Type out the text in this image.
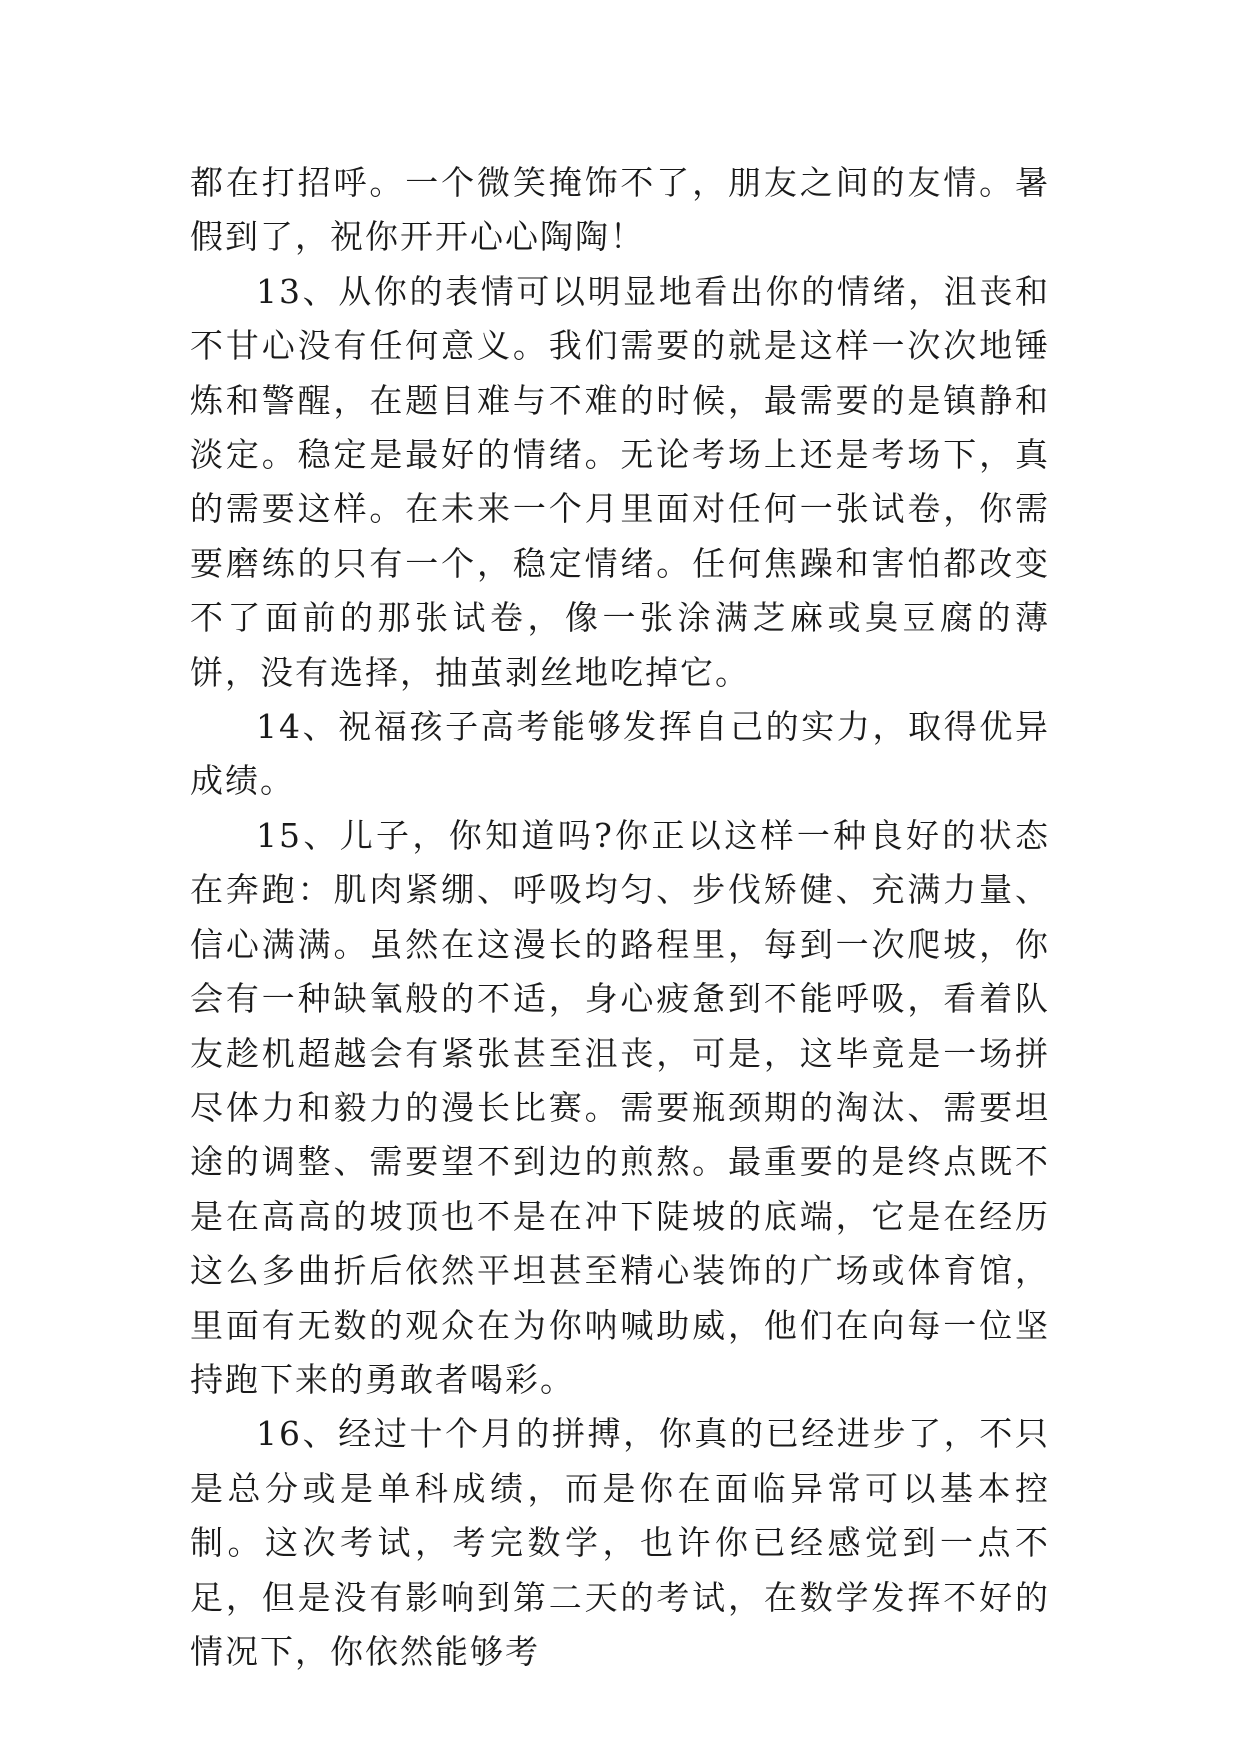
都在打招呼。一个微笑掩饰不了，朋友之间的友情。暑假到了，祝你开开心心陶陶！

13、从你的表情可以明显地看出你的情绪，沮丧和不甘心没有任何意义。我们需要的就是这样一次次地锤炼和警醒，在题目难与不难的时候，最需要的是镇静和淡定。稳定是最好的情绪。无论考场上还是考场下，真的需要这样。在未来一个月里面对任何一张试卷，你需要磨练的只有一个，稳定情绪。任何焦躁和害怕都改变不了面前的那张试卷，像一张涂满芝麻或臭豆腐的薄饼，没有选择，抽茧剥丝地吃掉它。

14、祝福孩子高考能够发挥自己的实力，取得优异成绩。

15、儿子，你知道吗?你正以这样一种良好的状态在奔跑：肌肉紧绷、呼吸均匀、步伐矫健、充满力量、信心满满。虽然在这漫长的路程里，每到一次爬坡，你会有一种缺氧般的不适，身心疲惫到不能呼吸，看着队友趁机超越会有紧张甚至沮丧，可是，这毕竟是一场拼尽体力和毅力的漫长比赛。需要瓶颈期的淘汰、需要坦途的调整、需要望不到边的煎熬。最重要的是终点既不是在高高的坡顶也不是在冲下陡坡的底端，它是在经历这么多曲折后依然平坦甚至精心装饰的广场或体育馆，里面有无数的观众在为你呐喊助威，他们在向每一位坚持跑下来的勇敢者喝彩。

16、经过十个月的拼搏，你真的已经进步了，不只是总分或是单科成绩，而是你在面临异常可以基本控制。这次考试，考完数学，也许你已经感觉到一点不足，但是没有影响到第二天的考试，在数学发挥不好的情况下，你依然能够考
